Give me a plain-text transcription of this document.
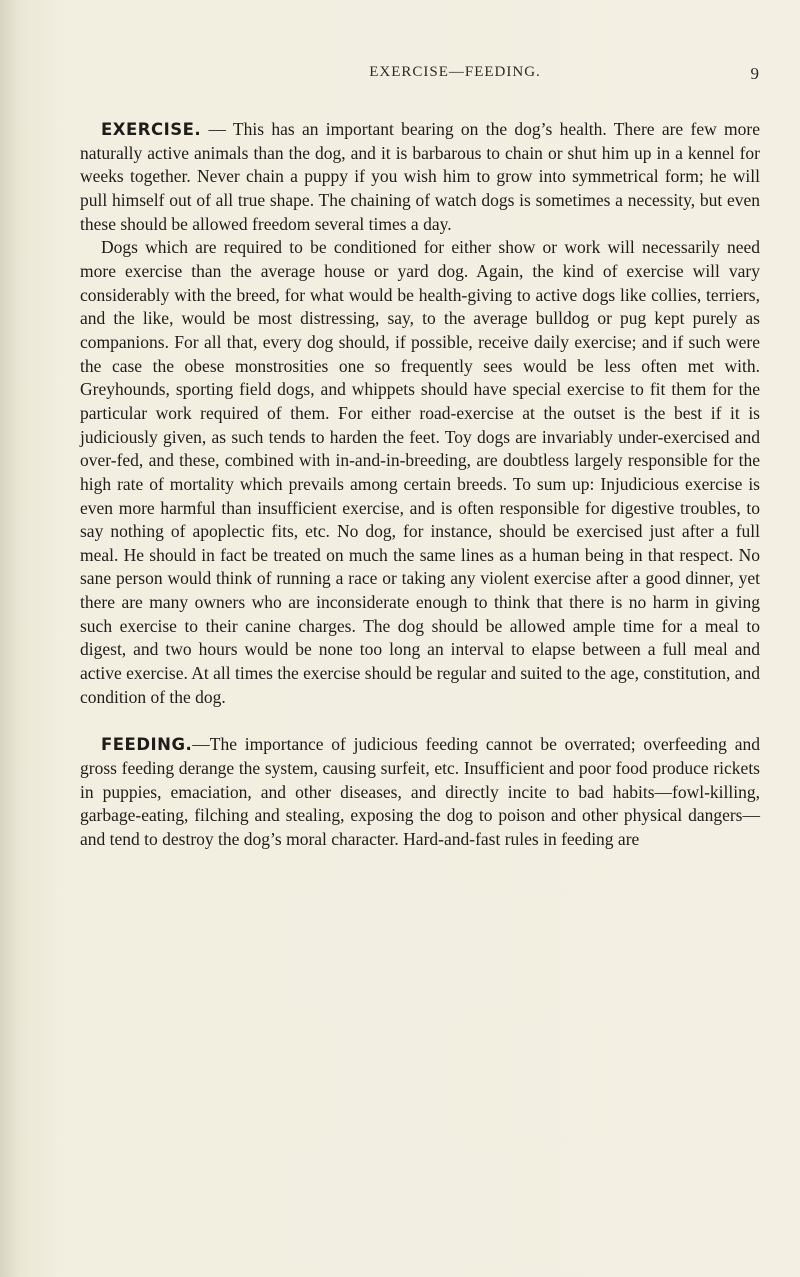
EXERCISE—FEEDING.	9

EXERCISE. — This has an important bearing on the dog’s health. There are few more naturally active animals than the dog, and it is barbarous to chain or shut him up in a kennel for weeks together. Never chain a puppy if you wish him to grow into symmetrical form; he will pull himself out of all true shape. The chaining of watch dogs is sometimes a necessity, but even these should be allowed freedom several times a day.

Dogs which are required to be conditioned for either show or work will necessarily need more exercise than the average house or yard dog. Again, the kind of exercise will vary considerably with the breed, for what would be health-giving to active dogs like collies, terriers, and the like, would be most distressing, say, to the average bulldog or pug kept purely as companions. For all that, every dog should, if possible, receive daily exercise; and if such were the case the obese monstrosities one so frequently sees would be less often met with. Greyhounds, sporting field dogs, and whippets should have special exercise to fit them for the particular work required of them. For either road-exercise at the outset is the best if it is judiciously given, as such tends to harden the feet. Toy dogs are invariably under-exercised and over-fed, and these, combined with in-and-in-breeding, are doubtless largely responsible for the high rate of mortality which prevails among certain breeds. To sum up: Injudicious exercise is even more harmful than insufficient exercise, and is often responsible for digestive troubles, to say nothing of apoplectic fits, etc. No dog, for instance, should be exercised just after a full meal. He should in fact be treated on much the same lines as a human being in that respect. No sane person would think of running a race or taking any violent exercise after a good dinner, yet there are many owners who are inconsiderate enough to think that there is no harm in giving such exercise to their canine charges. The dog should be allowed ample time for a meal to digest, and two hours would be none too long an interval to elapse between a full meal and active exercise. At all times the exercise should be regular and suited to the age, constitution, and condition of the dog.

FEEDING.—The importance of judicious feeding cannot be overrated; overfeeding and gross feeding derange the system, causing surfeit, etc. Insufficient and poor food produce rickets in puppies, emaciation, and other diseases, and directly incite to bad habits—fowl-killing, garbage-eating, filching and stealing, exposing the dog to poison and other physical dangers—and tend to destroy the dog’s moral character. Hard-and-fast rules in feeding are
